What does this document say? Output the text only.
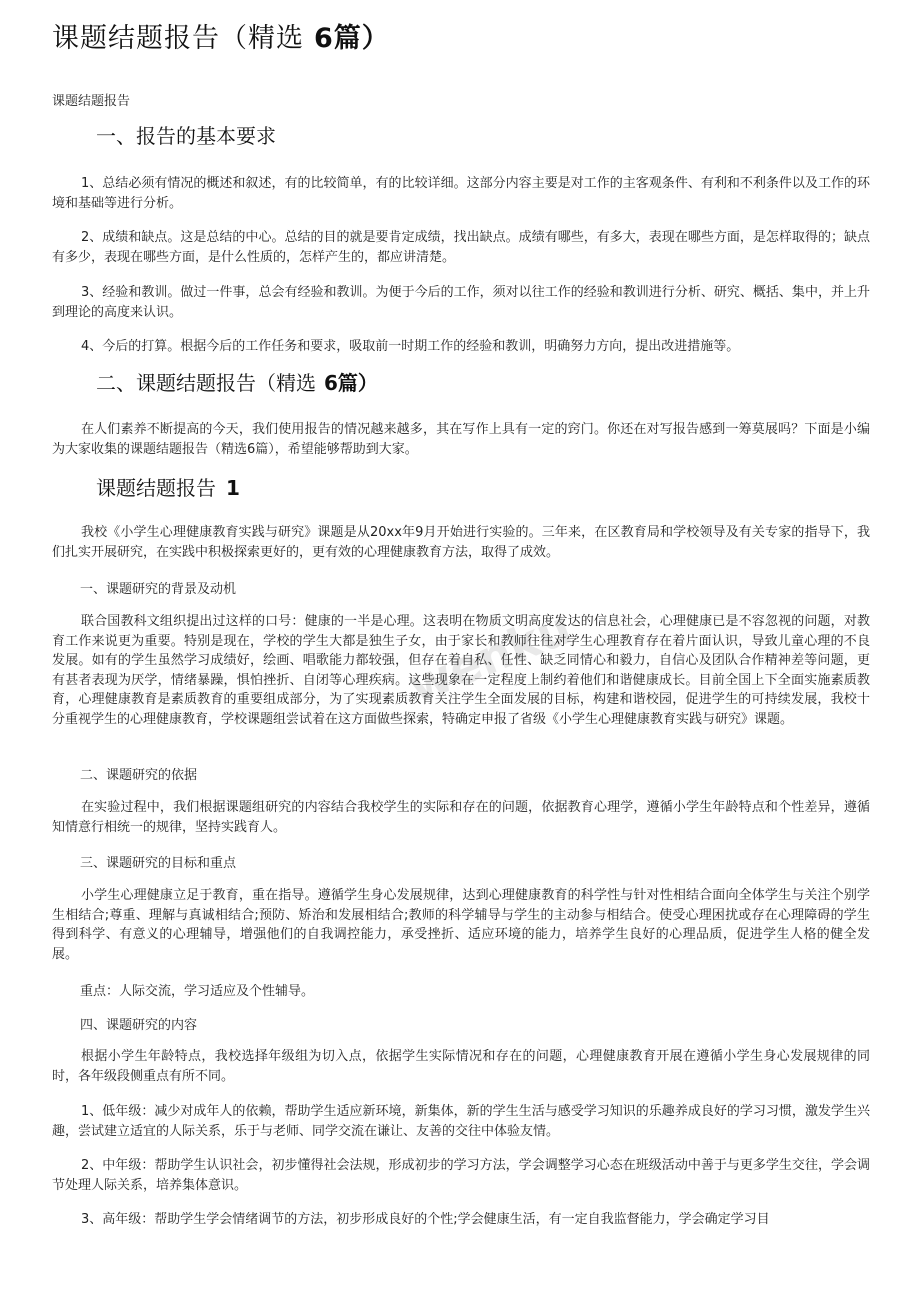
wenku
课题结题报告（精选 6篇）

课题结题报告

一、报告的基本要求

1、总结必须有情况的概述和叙述，有的比较简单，有的比较详细。这部分内容主要是对工作的主客观条件、有利和不利条件以及工作的环境和基础等进行分析。

2、成绩和缺点。这是总结的中心。总结的目的就是要肯定成绩，找出缺点。成绩有哪些，有多大，表现在哪些方面，是怎样取得的；缺点有多少，表现在哪些方面，是什么性质的，怎样产生的，都应讲清楚。

3、经验和教训。做过一件事，总会有经验和教训。为便于今后的工作，须对以往工作的经验和教训进行分析、研究、概括、集中，并上升到理论的高度来认识。

4、今后的打算。根据今后的工作任务和要求，吸取前一时期工作的经验和教训，明确努力方向，提出改进措施等。

二、课题结题报告（精选 6篇）

在人们素养不断提高的今天，我们使用报告的情况越来越多，其在写作上具有一定的窍门。你还在对写报告感到一筹莫展吗？下面是小编为大家收集的课题结题报告（精选6篇），希望能够帮助到大家。

课题结题报告 1

我校《小学生心理健康教育实践与研究》课题是从20xx年9月开始进行实验的。三年来，在区教育局和学校领导及有关专家的指导下，我们扎实开展研究，在实践中积极探索更好的，更有效的心理健康教育方法，取得了成效。

一、课题研究的背景及动机

联合国教科文组织提出过这样的口号：健康的一半是心理。这表明在物质文明高度发达的信息社会，心理健康已是不容忽视的问题，对教育工作来说更为重要。特别是现在，学校的学生大都是独生子女，由于家长和教师往往对学生心理教育存在着片面认识，导致儿童心理的不良发展。如有的学生虽然学习成绩好，绘画、唱歌能力都较强，但存在着自私、任性、缺乏同情心和毅力，自信心及团队合作精神差等问题，更有甚者表现为厌学，情绪暴躁，惧怕挫折、自闭等心理疾病。这些现象在一定程度上制约着他们和谐健康成长。目前全国上下全面实施素质教育，心理健康教育是素质教育的重要组成部分，为了实现素质教育关注学生全面发展的目标，构建和谐校园，促进学生的可持续发展，我校十分重视学生的心理健康教育，学校课题组尝试着在这方面做些探索，特确定申报了省级《小学生心理健康教育实践与研究》课题。

二、课题研究的依据

在实验过程中，我们根据课题组研究的内容结合我校学生的实际和存在的问题，依据教育心理学，遵循小学生年龄特点和个性差异，遵循知情意行相统一的规律，坚持实践育人。

三、课题研究的目标和重点

小学生心理健康立足于教育，重在指导。遵循学生身心发展规律，达到心理健康教育的科学性与针对性相结合面向全体学生与关注个别学生相结合;尊重、理解与真诚相结合;预防、矫治和发展相结合;教师的科学辅导与学生的主动参与相结合。使受心理困扰或存在心理障碍的学生得到科学、有意义的心理辅导，增强他们的自我调控能力，承受挫折、适应环境的能力，培养学生良好的心理品质，促进学生人格的健全发展。

重点：人际交流，学习适应及个性辅导。

四、课题研究的内容

根据小学生年龄特点，我校选择年级组为切入点，依据学生实际情况和存在的问题，心理健康教育开展在遵循小学生身心发展规律的同时，各年级段侧重点有所不同。

1、低年级：减少对成年人的依赖，帮助学生适应新环境，新集体，新的学生生活与感受学习知识的乐趣养成良好的学习习惯，激发学生兴趣，尝试建立适宜的人际关系，乐于与老师、同学交流在谦让、友善的交往中体验友情。

2、中年级：帮助学生认识社会，初步懂得社会法规，形成初步的学习方法，学会调整学习心态在班级活动中善于与更多学生交往，学会调节处理人际关系，培养集体意识。

3、高年级：帮助学生学会情绪调节的方法，初步形成良好的个性;学会健康生活，有一定自我监督能力，学会确定学习目
